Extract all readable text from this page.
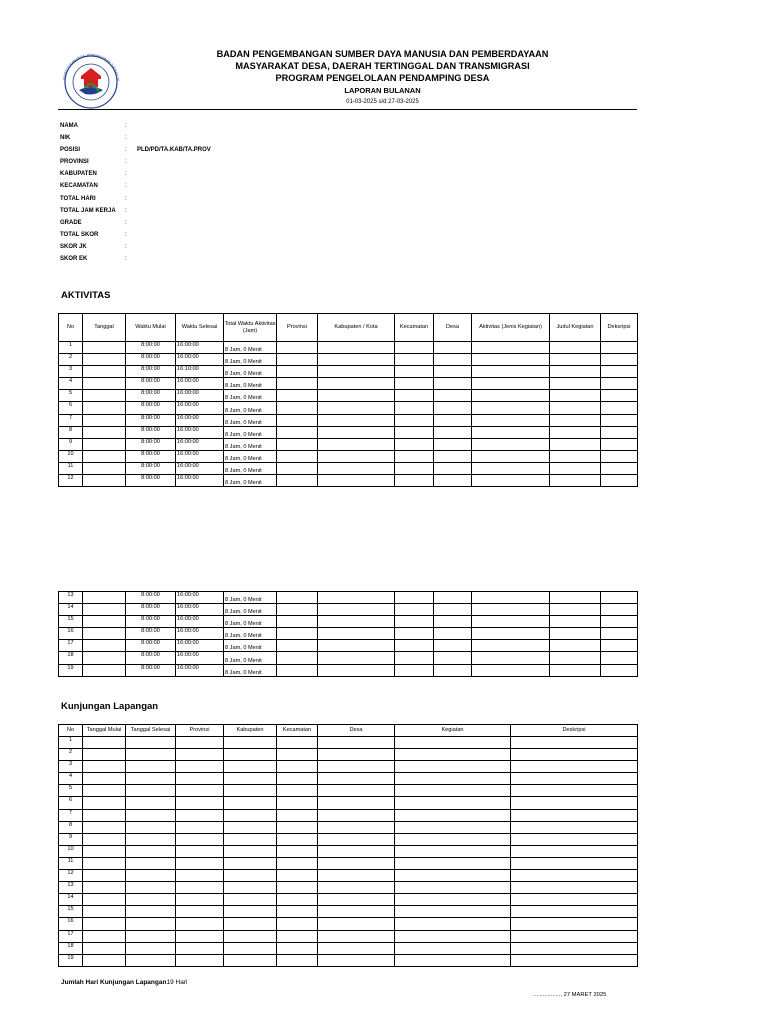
KEMENTERIAN DESA, PEMBANGUNAN DAERAH TE
BADAN PENGEMBANGAN SUMBER DAYA MANUSIA DAN PEMBERDAYAAN
MASYARAKAT DESA, DAERAH TERTINGGAL DAN TRANSMIGRASI
PROGRAM PENGELOLAAN PENDAMPING DESA
LAPORAN BULANAN
01-03-2025 s/d 27-03-2025
NAMA	:
NIK	:
POSISI	: PLD/PD/TA.KAB/TA.PROV
PROVINSI	:
KABUPATEN	:
KECAMATAN	:
TOTAL HARI	:
TOTAL JAM KERJA :
GRADE	:
TOTAL SKOR	:
SKOR JK	:
SKOR EK	:
AKTIVITAS
No	Tanggal	Waktu Mulai	Waktu Selesai	Total Waktu Aktivitas (Jam)	Provinsi	Kabupaten / Kota	Kecamatan	Desa	Aktivitas (Jenis Kegiatan)	Judul Kegiatan	Deksripsi
1		8:00:00	16:00:00	8 Jam, 0 Menit							
2		8:00:00	16:00:00	8 Jam, 0 Menit							
3		8:00:00	16:10:00	8 Jam, 0 Menit							
4		8:00:00	16:00:00	8 Jam, 0 Menit							
5		8:00:00	16:00:00	8 Jam, 0 Menit							
6		8:00:00	16:00:00	8 Jam, 0 Menit							
7		8:00:00	16:00:00	8 Jam, 0 Menit							
8		8:00:00	16:00:00	8 Jam, 0 Menit							
9		8:00:00	16:00:00	8 Jam, 0 Menit							
10		8:00:00	16:00:00	8 Jam, 0 Menit							
11		8:00:00	16:00:00	8 Jam, 0 Menit							
12		8:00:00	16:00:00	8 Jam, 0 Menit							
13		8:00:00	16:00:00	8 Jam, 0 Menit							
14		8:00:00	16:00:00	8 Jam, 0 Menit							
15		8:00:00	16:00:00	8 Jam, 0 Menit							
16		8:00:00	16:00:00	8 Jam, 0 Menit							
17		8:00:00	16:00:00	8 Jam, 0 Menit							
18		8:00:00	16:00:00	8 Jam, 0 Menit							
19		8:00:00	16:00:00	8 Jam, 0 Menit							
Kunjungan Lapangan
No	Tanggal Mulai	Tanggal Selesai	Provinsi	Kabupaten	Kecamatan	Desa	Kegiatan	Deskripsi
1								
2								
3								
4								
5								
6								
7								
8								
9								
10								
11								
12								
13								
14								
15								
16								
17								
18								
19								
Jumlah Hari Kunjungan Lapangan19 Hari
................., 27 MARET 2025
